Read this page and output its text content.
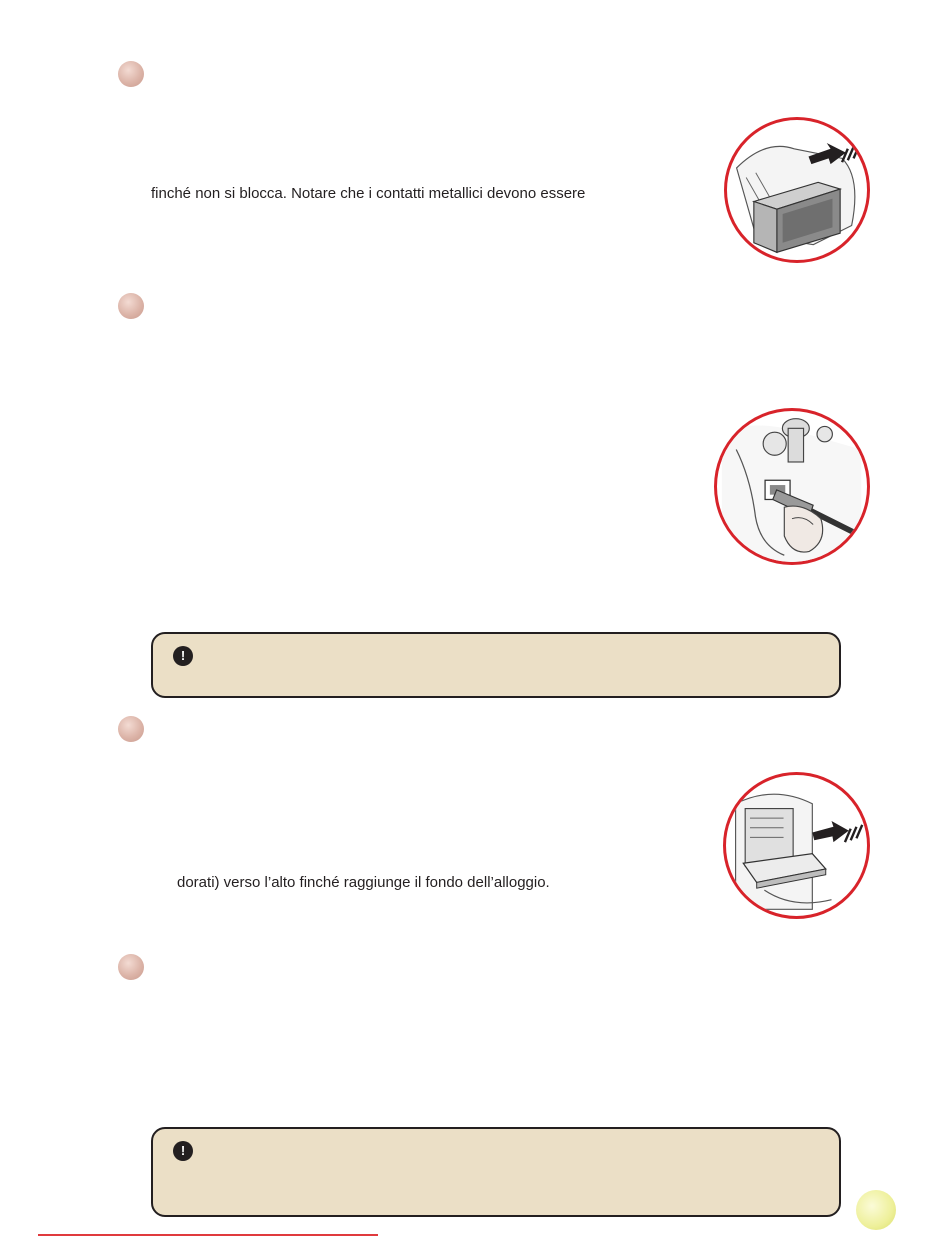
finché non si blocca. Notare che i contatti metallici devono essere
!
dorati) verso l’alto finché raggiunge il fondo dell’alloggio.
!
